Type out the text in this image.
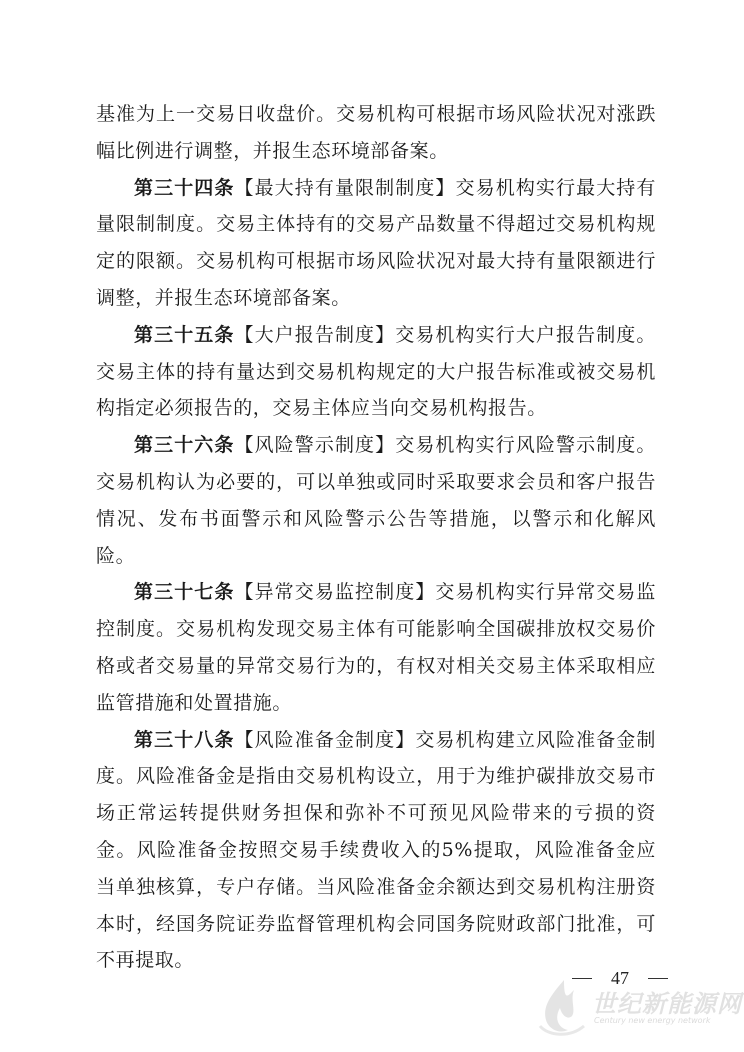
基准为上一交易日收盘价。交易机构可根据市场风险状况对涨跌幅比例进行调整，并报生态环境部备案。

第三十四条【最大持有量限制制度】交易机构实行最大持有量限制制度。交易主体持有的交易产品数量不得超过交易机构规定的限额。交易机构可根据市场风险状况对最大持有量限额进行调整，并报生态环境部备案。

第三十五条【大户报告制度】交易机构实行大户报告制度。交易主体的持有量达到交易机构规定的大户报告标准或被交易机构指定必须报告的，交易主体应当向交易机构报告。

第三十六条【风险警示制度】交易机构实行风险警示制度。交易机构认为必要的，可以单独或同时采取要求会员和客户报告情况、发布书面警示和风险警示公告等措施，以警示和化解风险。

第三十七条【异常交易监控制度】交易机构实行异常交易监控制度。交易机构发现交易主体有可能影响全国碳排放权交易价格或者交易量的异常交易行为的，有权对相关交易主体采取相应监管措施和处置措施。

第三十八条【风险准备金制度】交易机构建立风险准备金制度。风险准备金是指由交易机构设立，用于为维护碳排放交易市场正常运转提供财务担保和弥补不可预见风险带来的亏损的资金。风险准备金按照交易手续费收入的5%提取，风险准备金应当单独核算，专户存储。当风险准备金余额达到交易机构注册资本时，经国务院证券监督管理机构会同国务院财政部门批准，可不再提取。

47
世纪新能源网
Century new energy network
